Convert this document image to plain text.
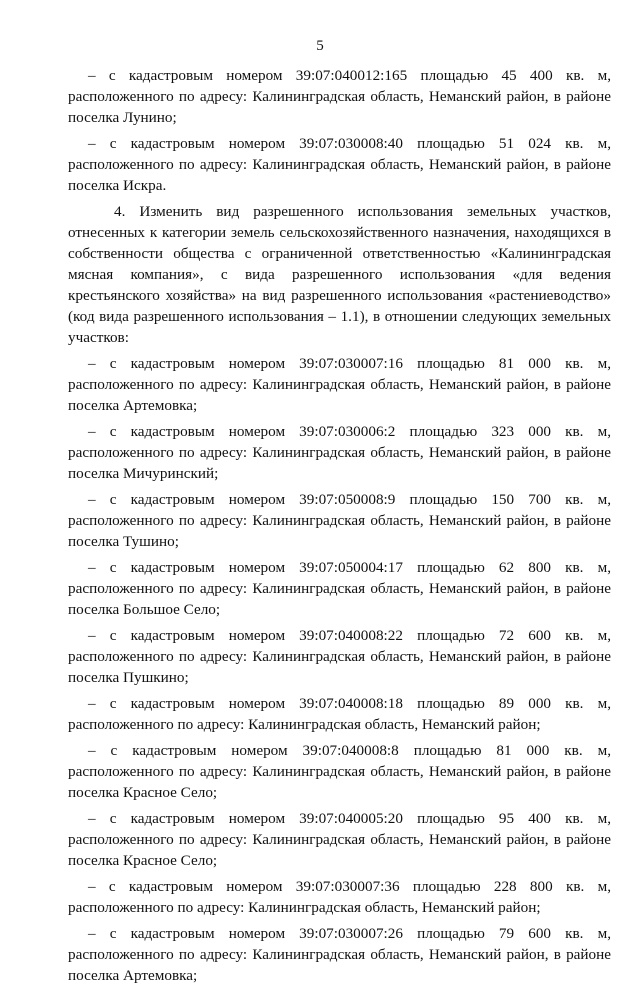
5

– с кадастровым номером 39:07:040012:165 площадью 45 400 кв. м, расположенного по адресу: Калининградская область, Неманский район, в районе поселка Лунино;

– с кадастровым номером 39:07:030008:40 площадью 51 024 кв. м, расположенного по адресу: Калининградская область, Неманский район, в районе поселка Искра.

4. Изменить вид разрешенного использования земельных участков, отнесенных к категории земель сельскохозяйственного назначения, находящихся в собственности общества с ограниченной ответственностью «Калининградская мясная компания», с вида разрешенного использования «для ведения крестьянского хозяйства» на вид разрешенного использования «растениеводство» (код вида разрешенного использования – 1.1), в отношении следующих земельных участков:

– с кадастровым номером 39:07:030007:16 площадью 81 000 кв. м, расположенного по адресу: Калининградская область, Неманский район, в районе поселка Артемовка;

– с кадастровым номером 39:07:030006:2 площадью 323 000 кв. м, расположенного по адресу: Калининградская область, Неманский район, в районе поселка Мичуринский;

– с кадастровым номером 39:07:050008:9 площадью 150 700 кв. м, расположенного по адресу: Калининградская область, Неманский район, в районе поселка Тушино;

– с кадастровым номером 39:07:050004:17 площадью 62 800 кв. м, расположенного по адресу: Калининградская область, Неманский район, в районе поселка Большое Село;

– с кадастровым номером 39:07:040008:22 площадью 72 600 кв. м, расположенного по адресу: Калининградская область, Неманский район, в районе поселка Пушкино;

– с кадастровым номером 39:07:040008:18 площадью 89 000 кв. м, расположенного по адресу: Калининградская область, Неманский район;

– с кадастровым номером 39:07:040008:8 площадью 81 000 кв. м, расположенного по адресу: Калининградская область, Неманский район, в районе поселка Красное Село;

– с кадастровым номером 39:07:040005:20 площадью 95 400 кв. м, расположенного по адресу: Калининградская область, Неманский район, в районе поселка Красное Село;

– с кадастровым номером 39:07:030007:36 площадью 228 800 кв. м, расположенного по адресу: Калининградская область, Неманский район;

– с кадастровым номером 39:07:030007:26 площадью 79 600 кв. м, расположенного по адресу: Калининградская область, Неманский район, в районе поселка Артемовка;
